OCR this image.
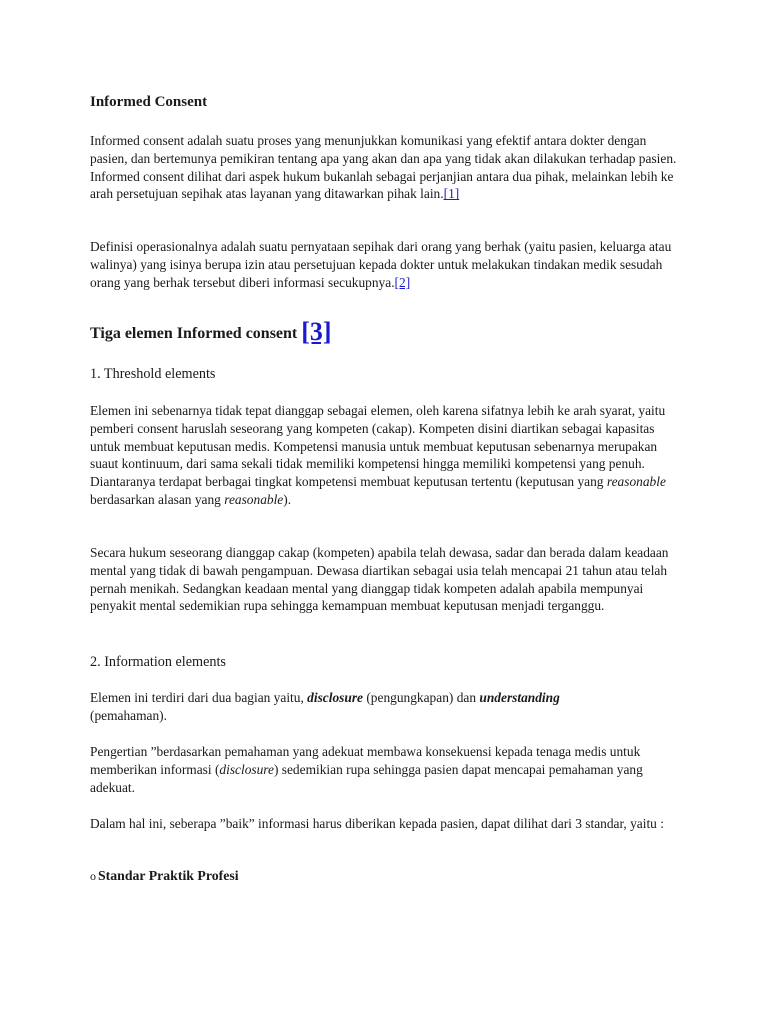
Informed Consent

Informed consent adalah suatu proses yang menunjukkan komunikasi yang efektif antara dokter dengan pasien, dan bertemunya pemikiran tentang apa yang akan dan apa yang tidak akan dilakukan terhadap pasien. Informed consent dilihat dari aspek hukum bukanlah sebagai perjanjian antara dua pihak, melainkan lebih ke arah persetujuan sepihak atas layanan yang ditawarkan pihak lain.[1]

Definisi operasionalnya adalah suatu pernyataan sepihak dari orang yang berhak (yaitu pasien, keluarga atau walinya) yang isinya berupa izin atau persetujuan kepada dokter untuk melakukan tindakan medik sesudah orang yang berhak tersebut diberi informasi secukupnya.[2]

Tiga elemen Informed consent [3]
1. Threshold elements

Elemen ini sebenarnya tidak tepat dianggap sebagai elemen, oleh karena sifatnya lebih ke arah syarat, yaitu pemberi consent haruslah seseorang yang kompeten (cakap). Kompeten disini diartikan sebagai kapasitas untuk membuat keputusan medis. Kompetensi manusia untuk membuat keputusan sebenarnya merupakan suaut kontinuum, dari sama sekali tidak memiliki kompetensi hingga memiliki kompetensi yang penuh. Diantaranya terdapat berbagai tingkat kompetensi membuat keputusan tertentu (keputusan yang reasonable berdasarkan alasan yang reasonable).

Secara hukum seseorang dianggap cakap (kompeten) apabila telah dewasa, sadar dan berada dalam keadaan mental yang tidak di bawah pengampuan. Dewasa diartikan sebagai usia telah mencapai 21 tahun atau telah pernah menikah. Sedangkan keadaan mental yang dianggap tidak kompeten adalah apabila mempunyai penyakit mental sedemikian rupa sehingga kemampuan membuat keputusan menjadi terganggu.

2. Information elements

Elemen ini terdiri dari dua bagian yaitu, disclosure (pengungkapan) dan understanding
(pemahaman).

Pengertian ”berdasarkan pemahaman yang adekuat membawa konsekuensi kepada tenaga medis untuk memberikan informasi (disclosure) sedemikian rupa sehingga pasien dapat mencapai pemahaman yang adekuat.

Dalam hal ini, seberapa ”baik” informasi harus diberikan kepada pasien, dapat dilihat dari 3 standar, yaitu :

o Standar Praktik Profesi
